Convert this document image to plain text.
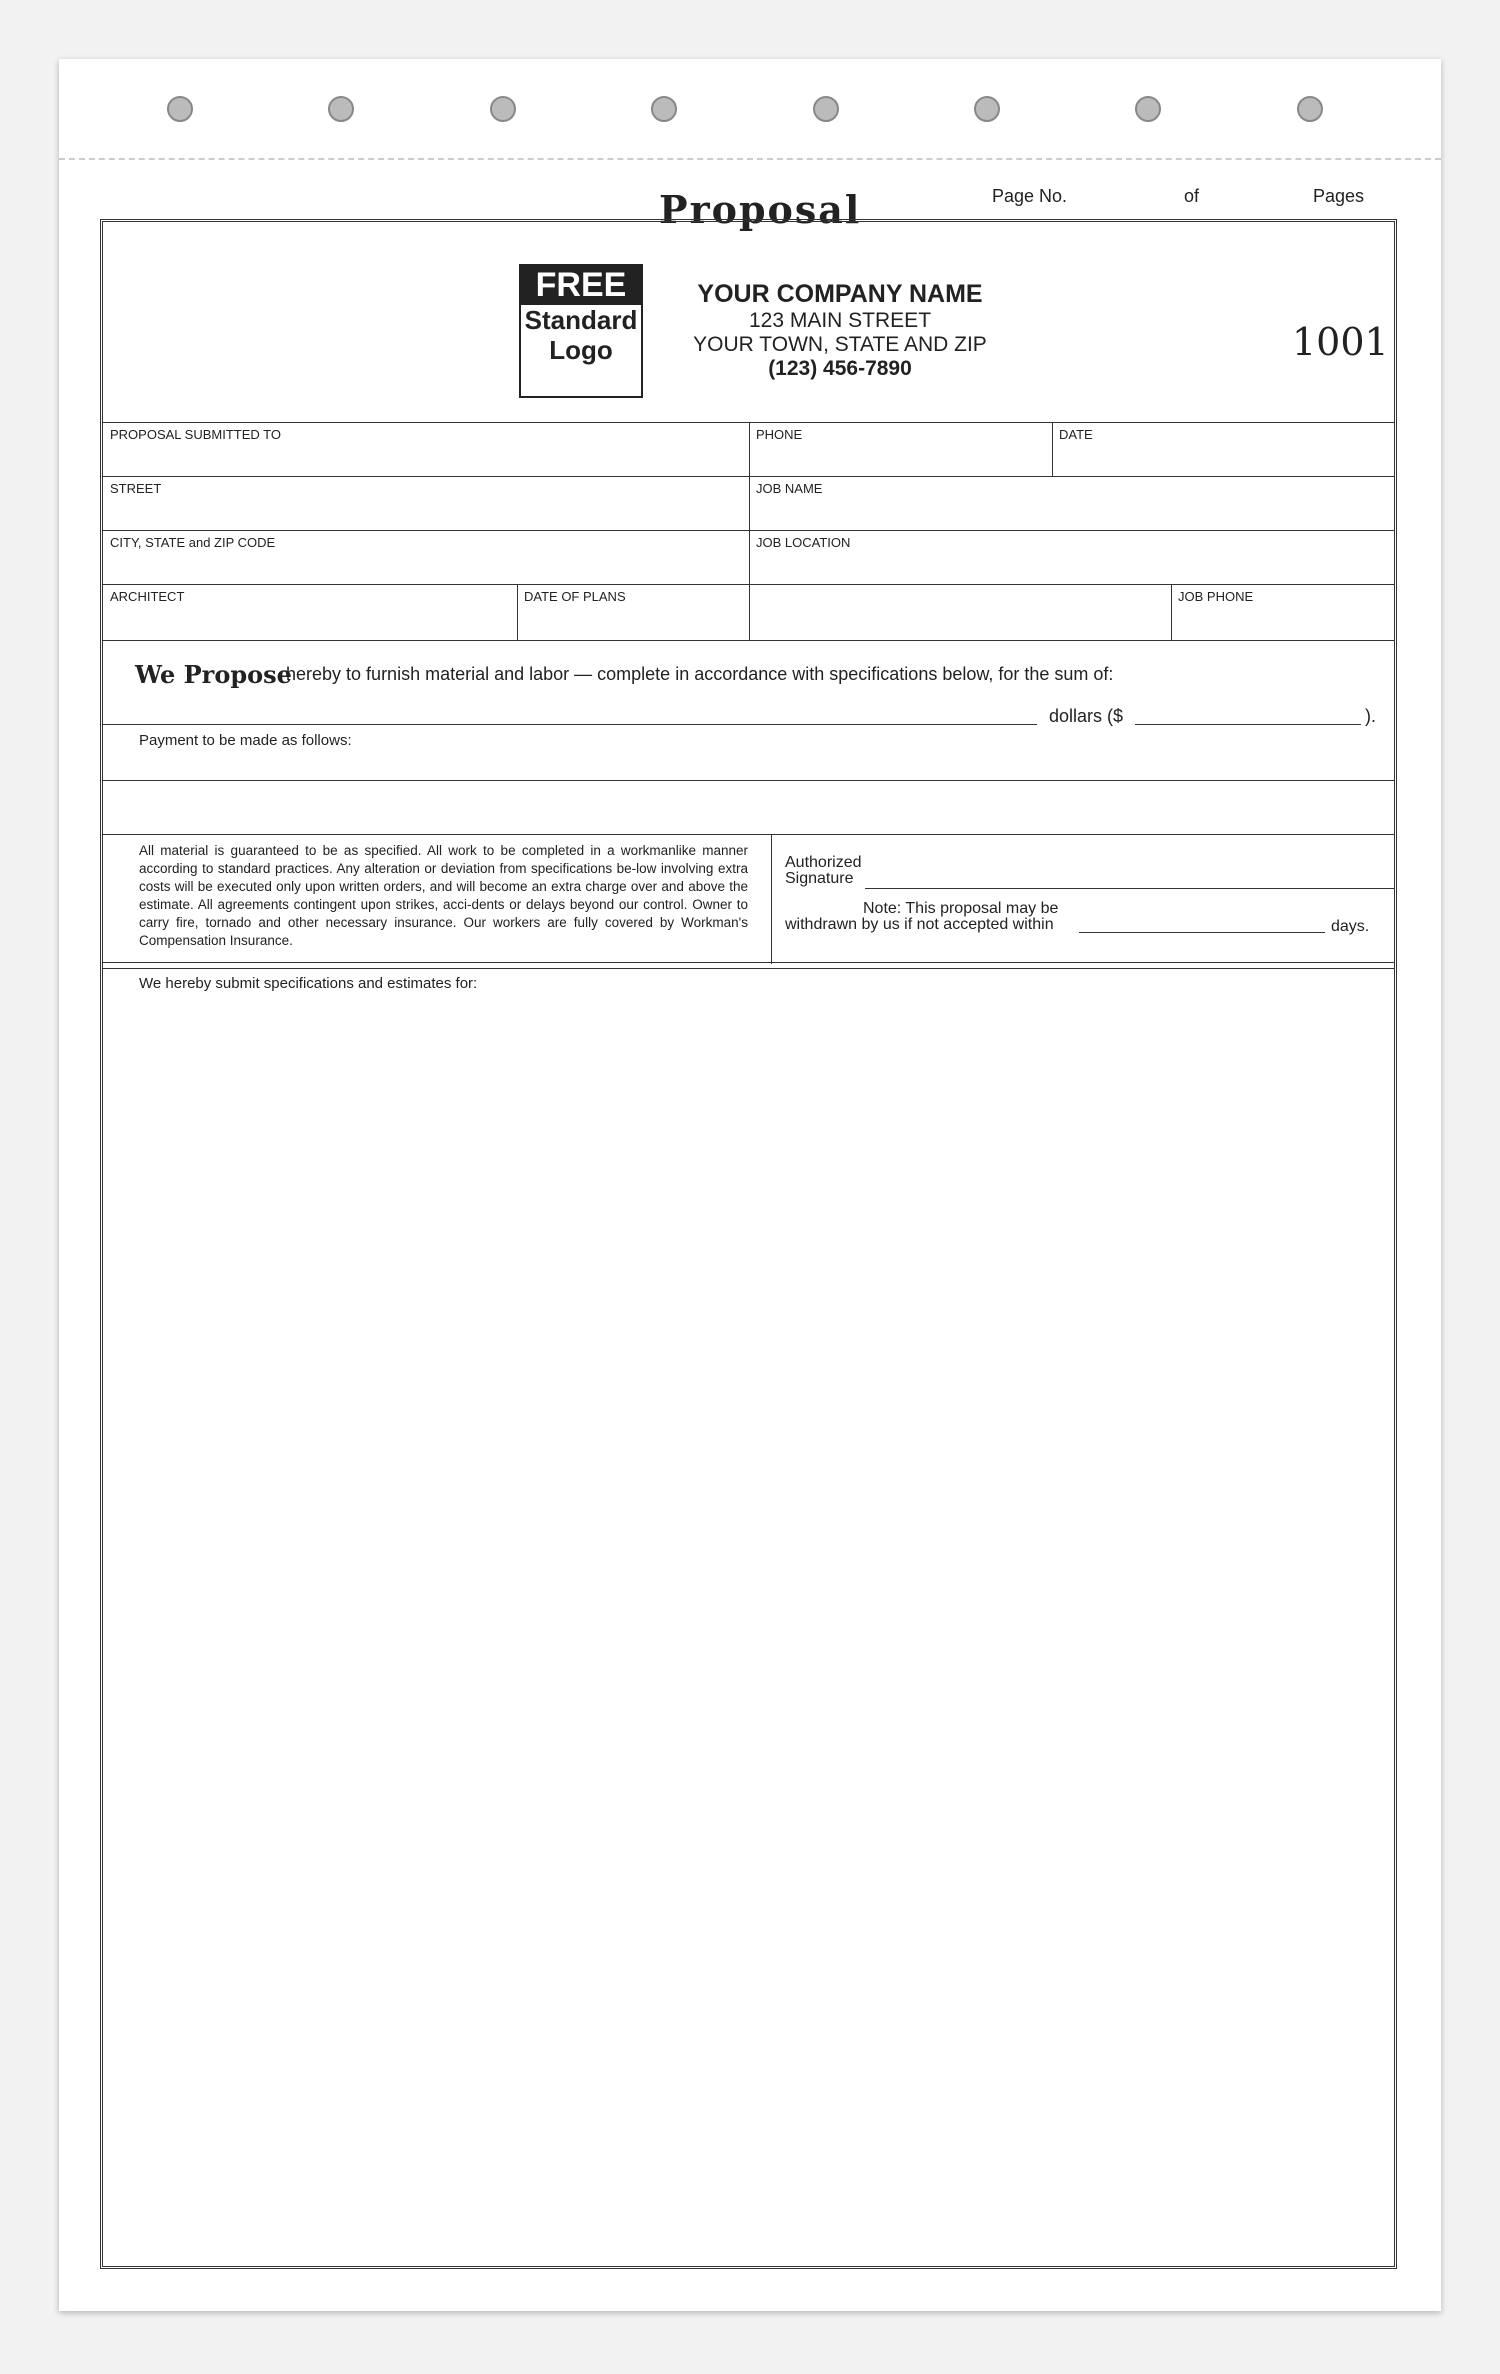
Proposal	Page No.	of	Pages
FREE
Standard
Logo
YOUR COMPANY NAME
123 MAIN STREET
YOUR TOWN, STATE AND ZIP
(123) 456-7890
1001
PROPOSAL SUBMITTED TO	PHONE	DATE
STREET	JOB NAME
CITY, STATE and ZIP CODE	JOB LOCATION
ARCHITECT	DATE OF PLANS	JOB PHONE
We Propose
hereby to furnish material and labor — complete in accordance with specifications below, for the sum of:
dollars ($	).
Payment to be made as follows:
All material is guaranteed to be as specified. All work to be completed in a workmanlike manner according to standard practices. Any alteration or deviation from specifications be-low involving extra costs will be executed only upon written orders, and will become an extra charge over and above the estimate. All agreements contingent upon strikes, acci-dents or delays beyond our control. Owner to carry fire, tornado and other necessary insurance. Our workers are fully covered by Workman's Compensation Insurance.
Authorized
Signature
Note: This proposal may be
withdrawn by us if not accepted within	days.
We hereby submit specifications and estimates for:
